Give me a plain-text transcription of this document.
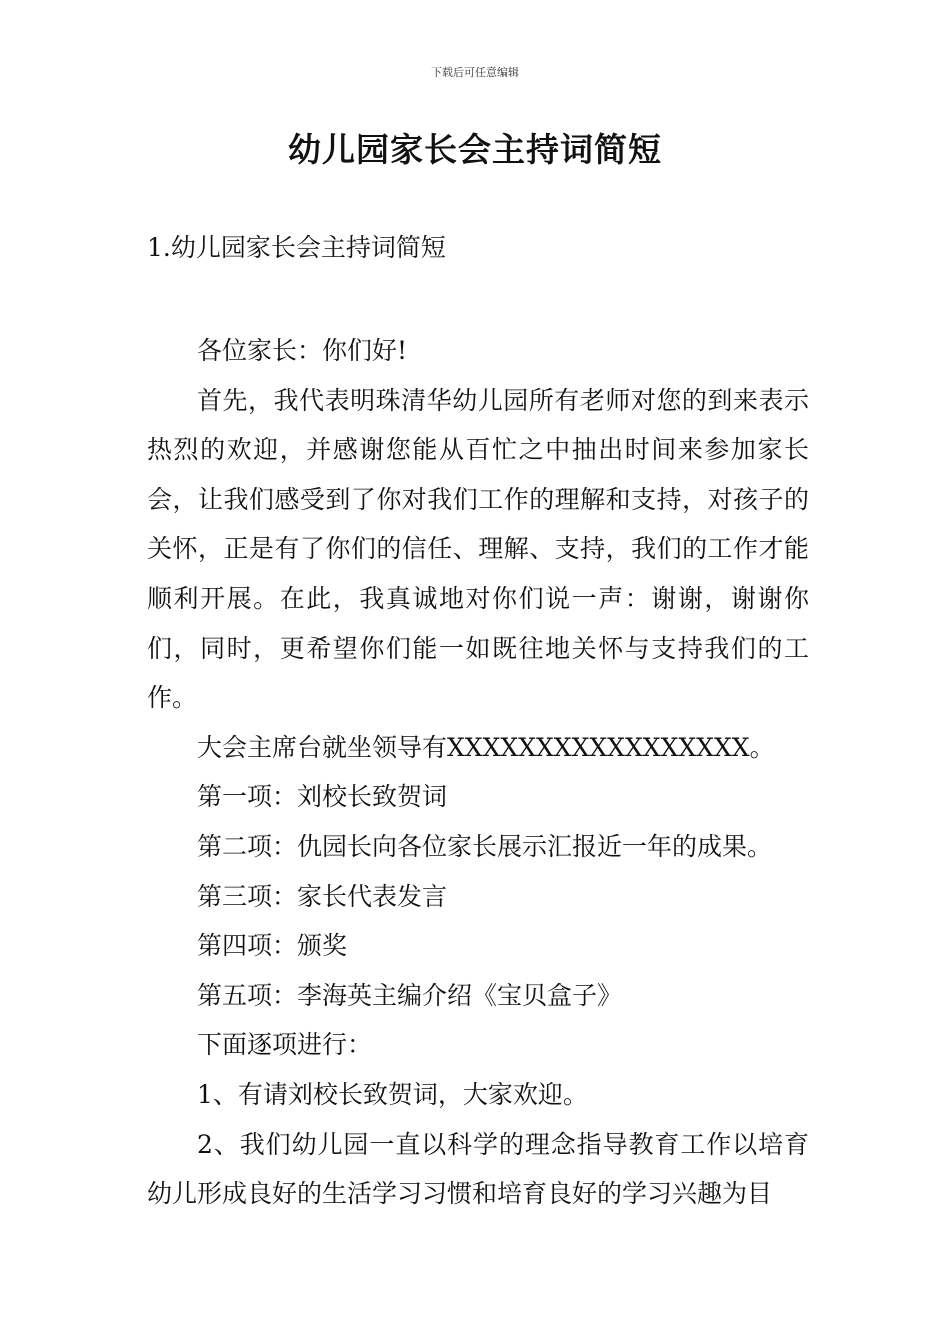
下载后可任意编辑
幼儿园家长会主持词简短
1.幼儿园家长会主持词简短

各位家长：你们好!

首先，我代表明珠清华幼儿园所有老师对您的到来表示热烈的欢迎，并感谢您能从百忙之中抽出时间来参加家长会，让我们感受到了你对我们工作的理解和支持，对孩子的关怀，正是有了你们的信任、理解、支持，我们的工作才能顺利开展。在此，我真诚地对你们说一声：谢谢，谢谢你们，同时，更希望你们能一如既往地关怀与支持我们的工作。

大会主席台就坐领导有XXXXXXXXXXXXXXXXX。

第一项：刘校长致贺词

第二项：仇园长向各位家长展示汇报近一年的成果。

第三项：家长代表发言

第四项：颁奖

第五项：李海英主编介绍《宝贝盒子》

下面逐项进行：

1、有请刘校长致贺词，大家欢迎。

2、我们幼儿园一直以科学的理念指导教育工作以培育幼儿形成良好的生活学习习惯和培育良好的学习兴趣为目
